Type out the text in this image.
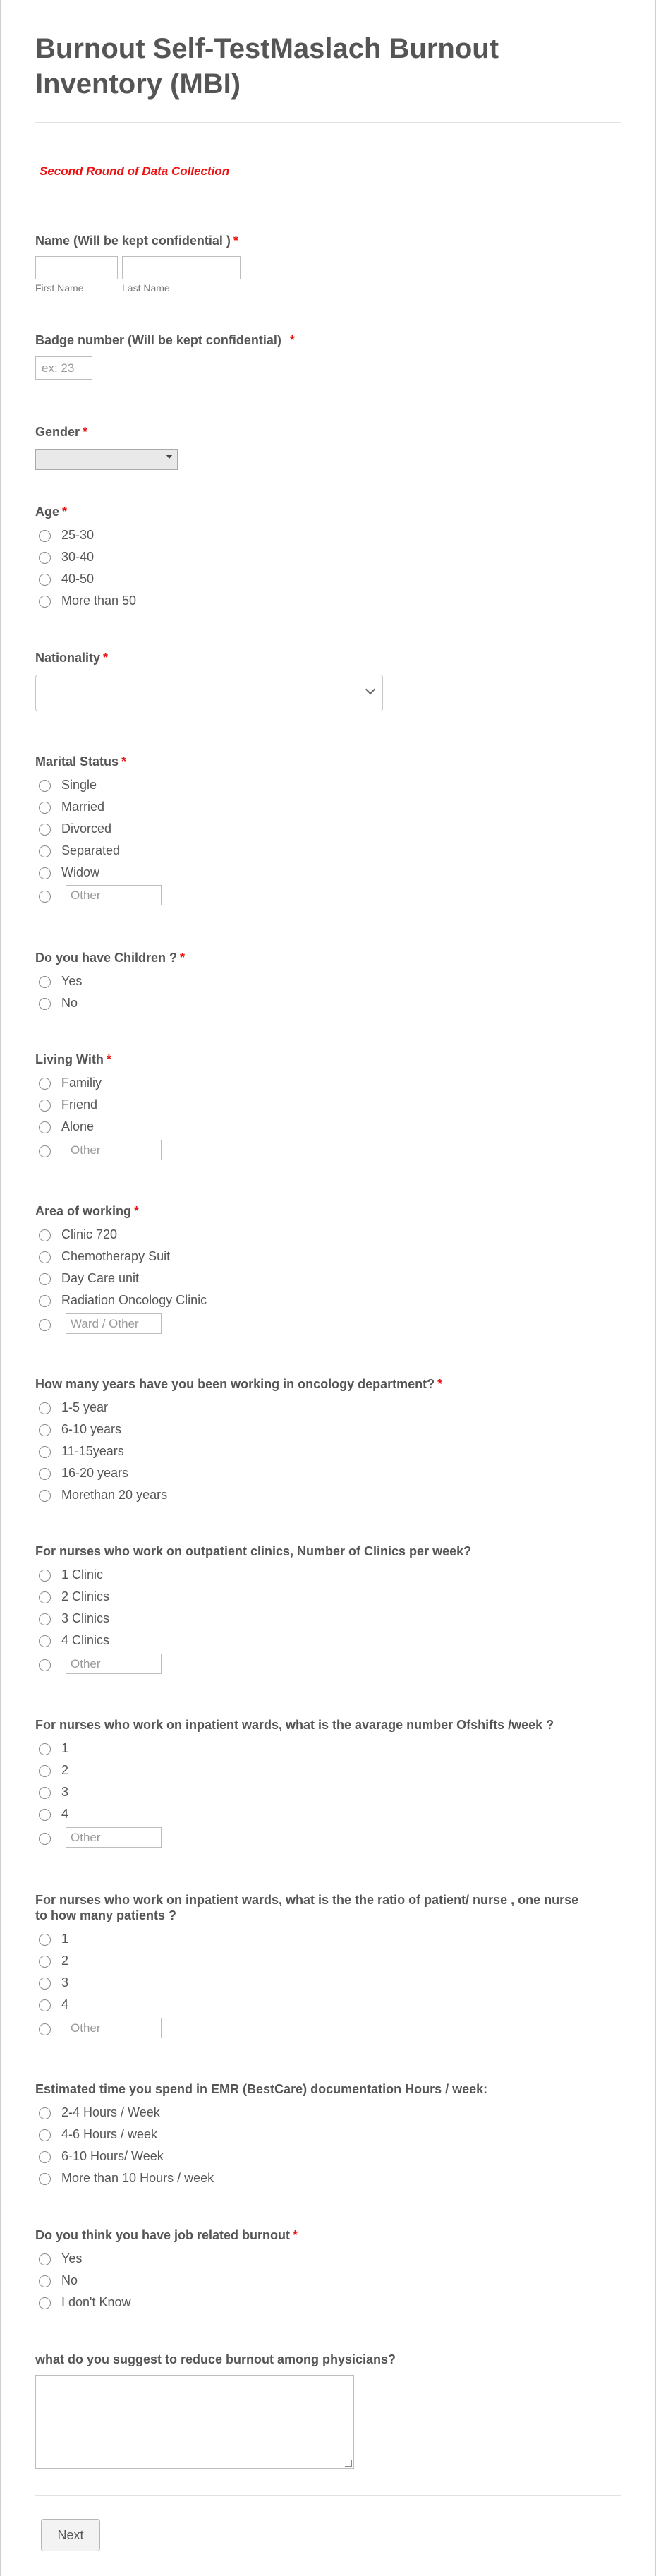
Burnout Self-TestMaslach Burnout Inventory (MBI)
Second Round of Data Collection
Name (Will be kept confidential ) *
First Name	Last Name
Badge number (Will be kept confidential) *
ex: 23
Gender *
Age *
25-30
30-40
40-50
More than 50
Nationality *
Marital Status *
Single
Married
Divorced
Separated
Widow
Other
Do you have Children ? *
Yes
No
Living With *
Familiy
Friend
Alone
Other
Area of working *
Clinic 720
Chemotherapy Suit
Day Care unit
Radiation Oncology Clinic
Ward / Other
How many years have you been working in oncology department? *
1-5 year
6-10 years
11-15years
16-20 years
Morethan 20 years
For nurses who work on outpatient clinics, Number of Clinics per week?
1 Clinic
2 Clinics
3 Clinics
4 Clinics
Other
For nurses who work on inpatient wards, what is the avarage number Ofshifts /week ?
1
2
3
4
Other
For nurses who work on inpatient wards, what is the the ratio of patient/ nurse , one nurse
to how many patients ?
1
2
3
4
Other
Estimated time you spend in EMR (BestCare) documentation Hours / week:
2-4 Hours / Week
4-6 Hours / week
6-10 Hours/ Week
More than 10 Hours / week
Do you think you have job related burnout *
Yes
No
I don't Know
what do you suggest to reduce burnout among physicians?
Next
